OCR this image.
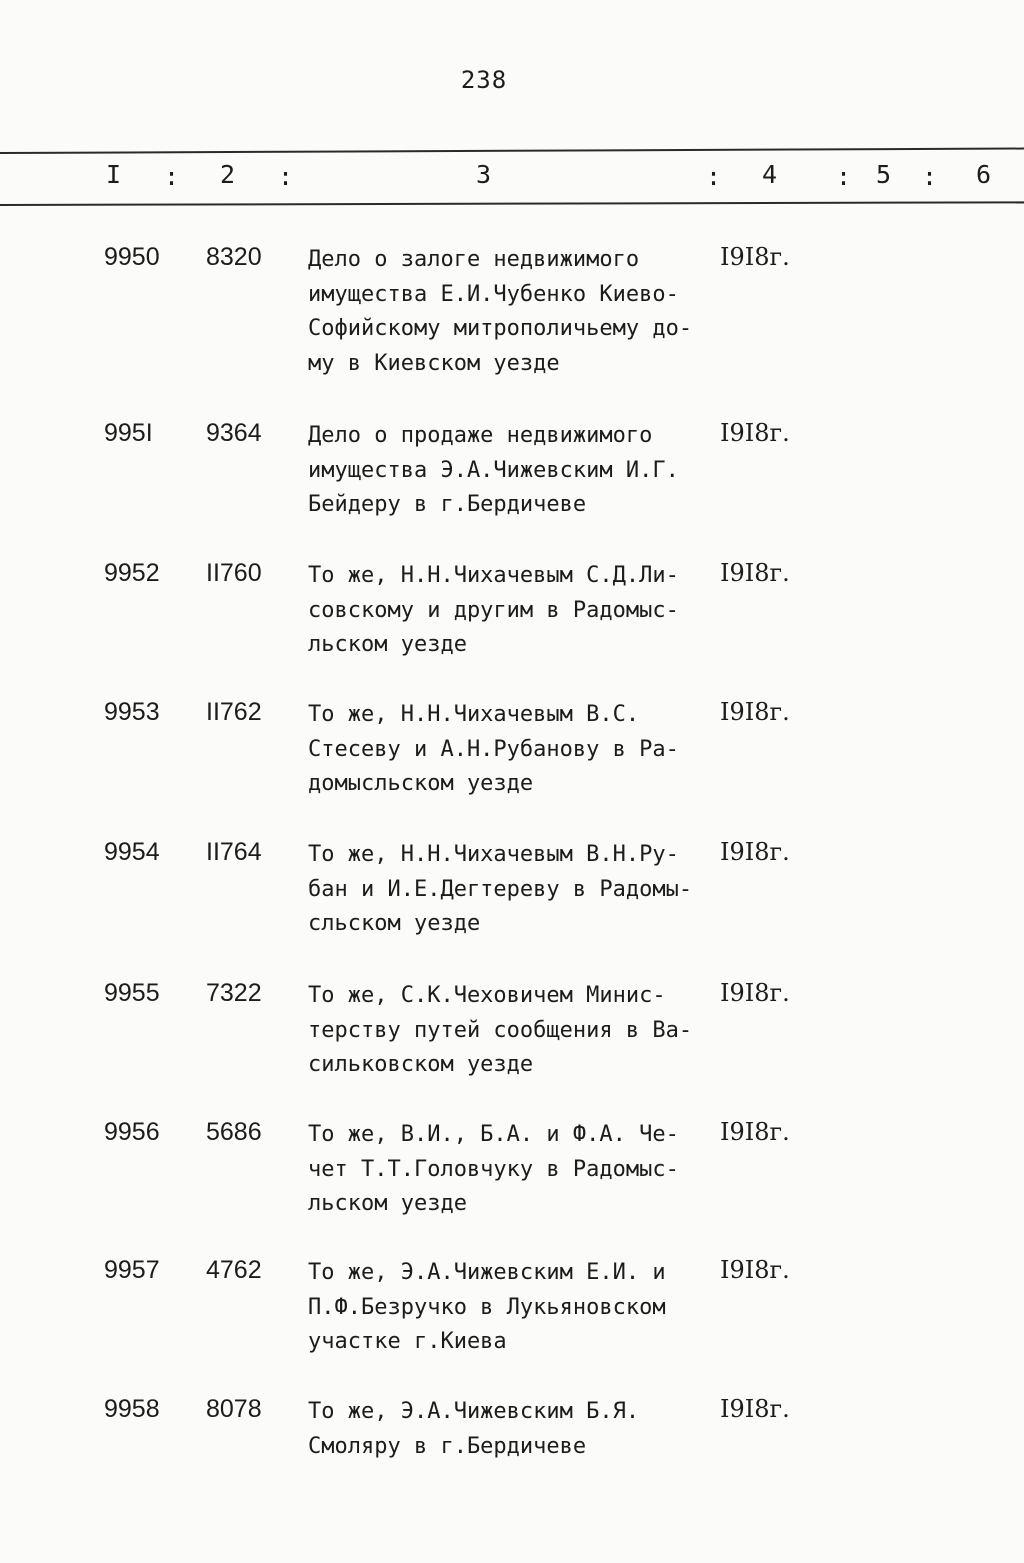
238
I : 2 :	3	: 4 : 5 : 6
9950 8320 Дело о залоге недвижимого
имущества Е.И.Чубенко Киево-
Софийскому митрополичьему до-
му в Киевском уезде
I9I8г.
995I 9364 Дело о продаже недвижимого
имущества Э.А.Чижевским И.Г.
Бейдеру в г.Бердичеве
I9I8г.
9952 II760 То же, Н.Н.Чихачевым С.Д.Ли-
совскому и другим в Радомыс-
льском уезде
I9I8г.
9953 II762 То же, Н.Н.Чихачевым В.С.
Стесеву и А.Н.Рубанову в Ра-
домысльском уезде
I9I8г.
9954 II764 То же, Н.Н.Чихачевым В.Н.Ру-
бан и И.Е.Дегтереву в Радомы-
сльском уезде
I9I8г.
9955 7322 То же, С.К.Чеховичем Минис-
терству путей сообщения в Ва-
сильковском уезде
I9I8г.
9956 5686 То же, В.И., Б.А. и Ф.А. Че-
чет Т.Т.Головчуку в Радомыс-
льском уезде
I9I8г.
9957 4762 То же, Э.А.Чижевским Е.И. и
П.Ф.Безручко в Лукьяновском
участке г.Киева
I9I8г.
9958 8078 То же, Э.А.Чижевским Б.Я.
Смоляру в г.Бердичеве
I9I8г.
